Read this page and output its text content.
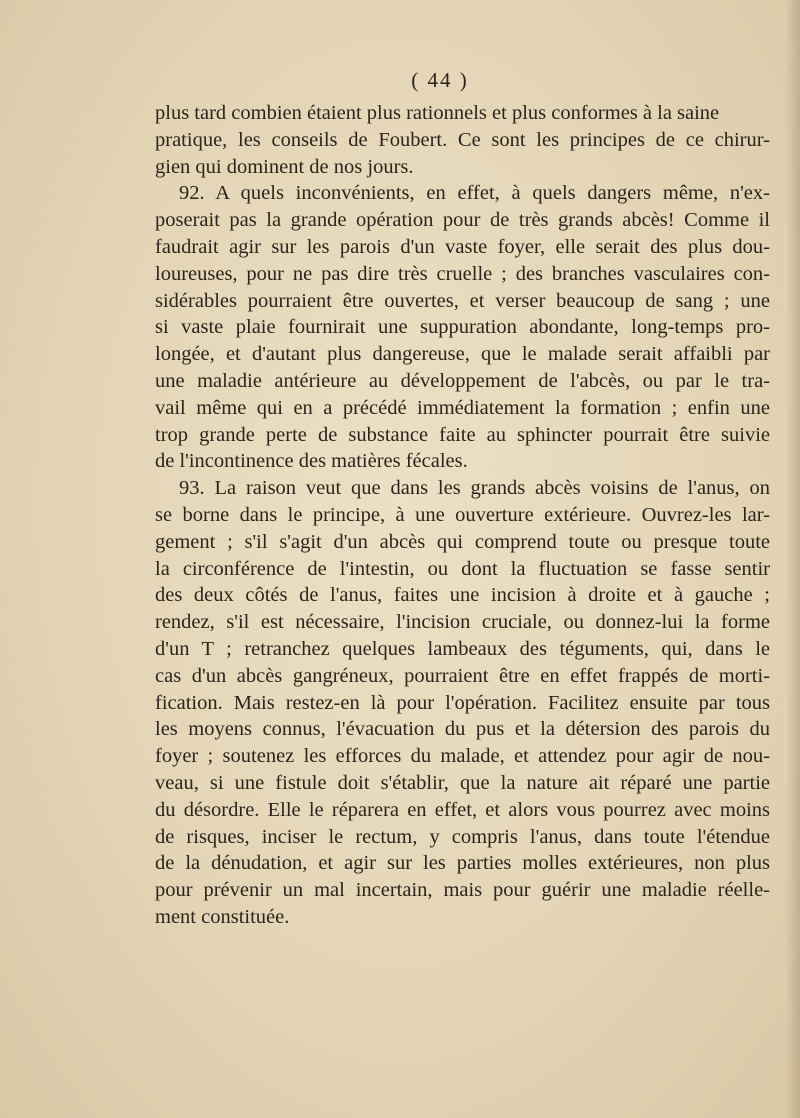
( 44 )
plus tard combien étaient plus rationnels et plus conformes à la saine
pratique, les conseils de Foubert. Ce sont les principes de ce chirur-
gien qui dominent de nos jours.
92. A quels inconvénients, en effet, à quels dangers même, n'ex-
poserait pas la grande opération pour de très grands abcès! Comme il
faudrait agir sur les parois d'un vaste foyer, elle serait des plus dou-
loureuses, pour ne pas dire très cruelle ; des branches vasculaires con-
sidérables pourraient être ouvertes, et verser beaucoup de sang ; une
si vaste plaie fournirait une suppuration abondante, long-temps pro-
longée, et d'autant plus dangereuse, que le malade serait affaibli par
une maladie antérieure au développement de l'abcès, ou par le tra-
vail même qui en a précédé immédiatement la formation ; enfin une
trop grande perte de substance faite au sphincter pourrait être suivie
de l'incontinence des matières fécales.
93. La raison veut que dans les grands abcès voisins de l'anus, on
se borne dans le principe, à une ouverture extérieure. Ouvrez-les lar-
gement ; s'il s'agit d'un abcès qui comprend toute ou presque toute
la circonférence de l'intestin, ou dont la fluctuation se fasse sentir
des deux côtés de l'anus, faites une incision à droite et à gauche ;
rendez, s'il est nécessaire, l'incision cruciale, ou donnez-lui la forme
d'un T ; retranchez quelques lambeaux des téguments, qui, dans le
cas d'un abcès gangréneux, pourraient être en effet frappés de morti-
fication. Mais restez-en là pour l'opération. Facilitez ensuite par tous
les moyens connus, l'évacuation du pus et la détersion des parois du
foyer ; soutenez les efforces du malade, et attendez pour agir de nou-
veau, si une fistule doit s'établir, que la nature ait réparé une partie
du désordre. Elle le réparera en effet, et alors vous pourrez avec moins
de risques, inciser le rectum, y compris l'anus, dans toute l'étendue
de la dénudation, et agir sur les parties molles extérieures, non plus
pour prévenir un mal incertain, mais pour guérir une maladie réelle-
ment constituée.
